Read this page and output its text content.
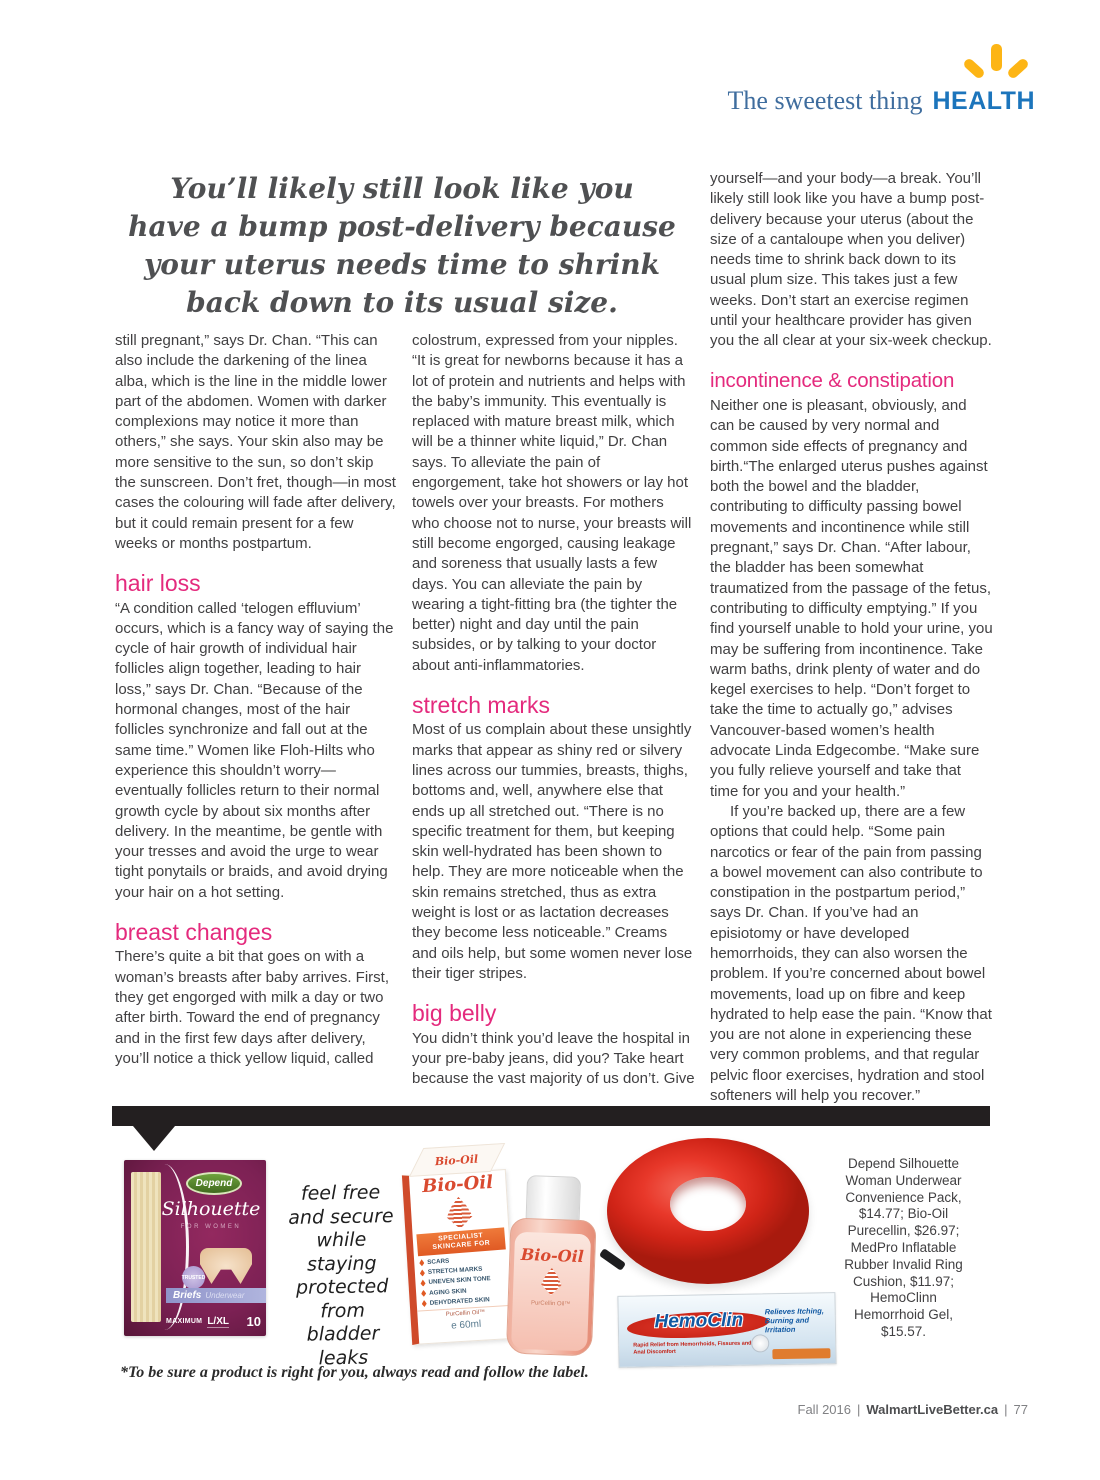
The sweetest thing HEALTH
You’ll likely still look like you
have a bump post-delivery because
your uterus needs time to shrink
back down to its usual size.
still pregnant,” says Dr. Chan. “This can also include the darkening of the linea alba, which is the line in the middle lower part of the abdomen. Women with darker complexions may notice it more than others,” she says. Your skin also may be more sensitive to the sun, so don’t skip the sunscreen. Don’t fret, though—in most cases the colouring will fade after delivery, but it could remain present for a few weeks or months postpartum.
hair loss
“A condition called ‘telogen effluvium’ occurs, which is a fancy way of saying the cycle of hair growth of individual hair follicles align together, leading to hair loss,” says Dr. Chan. “Because of the hormonal changes, most of the hair follicles synchronize and fall out at the same time.” Women like Floh-Hilts who experience this shouldn’t worry—eventually follicles return to their normal growth cycle by about six months after delivery. In the meantime, be gentle with your tresses and avoid the urge to wear tight ponytails or braids, and avoid drying your hair on a hot setting.
breast changes
There’s quite a bit that goes on with a woman’s breasts after baby arrives. First, they get engorged with milk a day or two after birth. Toward the end of pregnancy and in the first few days after delivery, you’ll notice a thick yellow liquid, called
colostrum, expressed from your nipples. “It is great for newborns because it has a lot of protein and nutrients and helps with the baby’s immunity. This eventually is replaced with mature breast milk, which will be a thinner white liquid,” Dr. Chan says. To alleviate the pain of engorgement, take hot showers or lay hot towels over your breasts. For mothers who choose not to nurse, your breasts will still become engorged, causing leakage and soreness that usually lasts a few days. You can alleviate the pain by wearing a tight-fitting bra (the tighter the better) night and day until the pain subsides, or by talking to your doctor about anti-inflammatories.
stretch marks
Most of us complain about these unsightly marks that appear as shiny red or silvery lines across our tummies, breasts, thighs, bottoms and, well, anywhere else that ends up all stretched out. “There is no specific treatment for them, but keeping skin well-hydrated has been shown to help. They are more noticeable when the skin remains stretched, thus as extra weight is lost or as lactation decreases they become less noticeable.” Creams and oils help, but some women never lose their tiger stripes.
big belly
You didn’t think you’d leave the hospital in your pre-baby jeans, did you? Take heart because the vast majority of us don’t. Give
yourself—and your body—a break. You’ll likely still look like you have a bump post-delivery because your uterus (about the size of a cantaloupe when you deliver) needs time to shrink back down to its usual plum size. This takes just a few weeks. Don’t start an exercise regimen until your healthcare provider has given you the all clear at your six-week checkup.
incontinence & constipation
Neither one is pleasant, obviously, and can be caused by very normal and common side effects of pregnancy and birth.“The enlarged uterus pushes against both the bowel and the bladder, contributing to difficulty passing bowel movements and incontinence while still pregnant,” says Dr. Chan. “After labour, the bladder has been somewhat traumatized from the passage of the fetus, contributing to difficulty emptying.” If you find yourself unable to hold your urine, you may be suffering from incontinence. Take warm baths, drink plenty of water and do kegel exercises to help. “Don’t forget to take the time to actually go,” advises Vancouver-based women’s health advocate Linda Edgecombe. “Make sure you fully relieve yourself and take that time for you and your health.”
If you’re backed up, there are a few options that could help. “Some pain narcotics or fear of the pain from passing a bowel movement can also contribute to constipation in the postpartum period,” says Dr. Chan. If you’ve had an episiotomy or have developed hemorrhoids, they can also worsen the problem. If you’re concerned about bowel movements, load up on fibre and keep hydrated to help ease the pain. “Know that you are not alone in experiencing these very common problems, and that regular pelvic floor exercises, hydration and stool softeners will help you recover.”
Depend
Silhouette
FOR WOMEN
TRUSTED
Briefs Underwear
MAXIMUM L/XL 10
feel free
and secure
while staying
protected
from bladder
leaks
Bio-Oil
Bio-Oil
SPECIALIST
SKINCARE FOR
SCARS
STRETCH MARKS
UNEVEN SKIN TONE
AGING SKIN
DEHYDRATED SKIN
PurCellin Oil™
e 60ml
Bio-Oil
PurCellin Oil™
HemoClin	Relieves Itching, Burning and Irritation
Rapid Relief from Hemorrhoids, Fissures and Anal Discomfort
Depend Silhouette Woman Underwear Convenience Pack, $14.77; Bio-Oil Purecellin, $26.97; MedPro Inflatable Rubber Invalid Ring Cushion, $11.97; HemoClinn Hemorrhoid Gel, $15.57.
*To be sure a product is right for you, always read and follow the label.
Fall 2016 | WalmartLiveBetter.ca | 77
